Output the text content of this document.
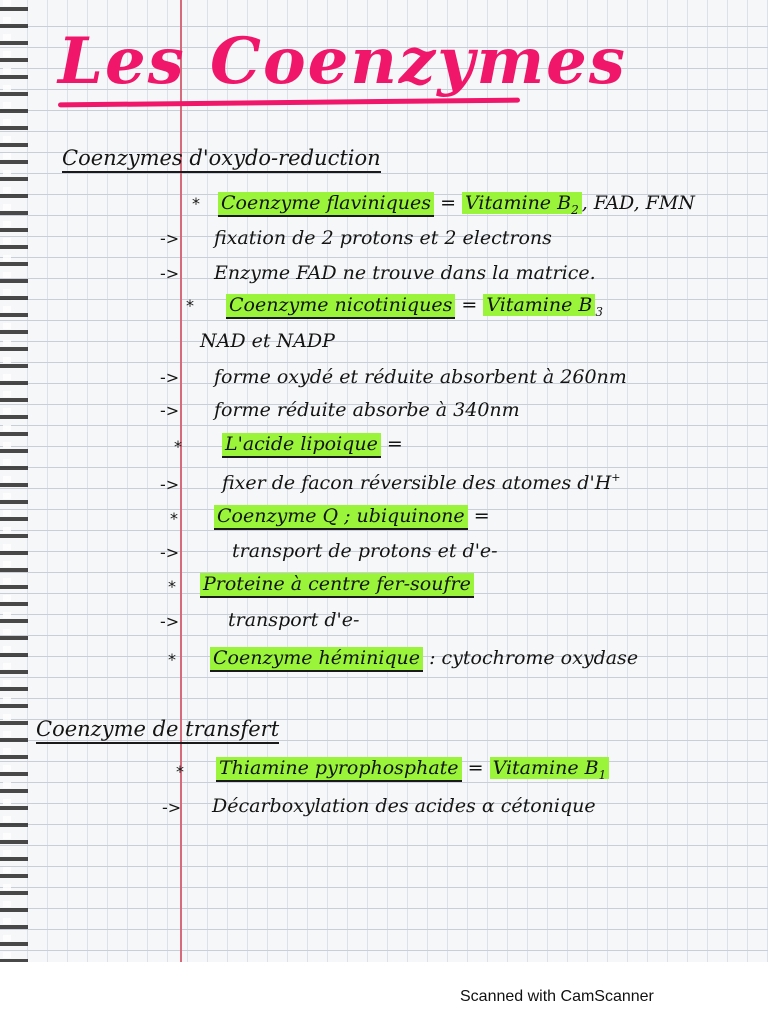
Les Coenzymes
Coenzymes d'oxydo-reduction
* Coenzyme flaviniques = Vitamine $B_2$ , FAD, FMN
-> fixation de 2 protons et 2 electrons
-> Enzyme FAD ne trouve dans la matrice.
* Coenzyme nicotiniques = Vitamine B $_3$
NAD et NADP
-> forme oxydé et réduite absorbent à 260nm
-> forme réduite absorbe à 340nm
* L'acide lipoique =
-> fixer de facon réversible des atomes d'H+
* Coenzyme Q ; ubiquinone =
->	transport de protons et d'e-
* Proteine à centre fer-soufre
->	transport d'e-
* Coenzyme héminique : cytochrome oxydase
Coenzyme de transfert
* Thiamine pyrophosphate = Vitamine $B_1$
-> Décarboxylation des acides α cétonique
Scanned with CamScanner
